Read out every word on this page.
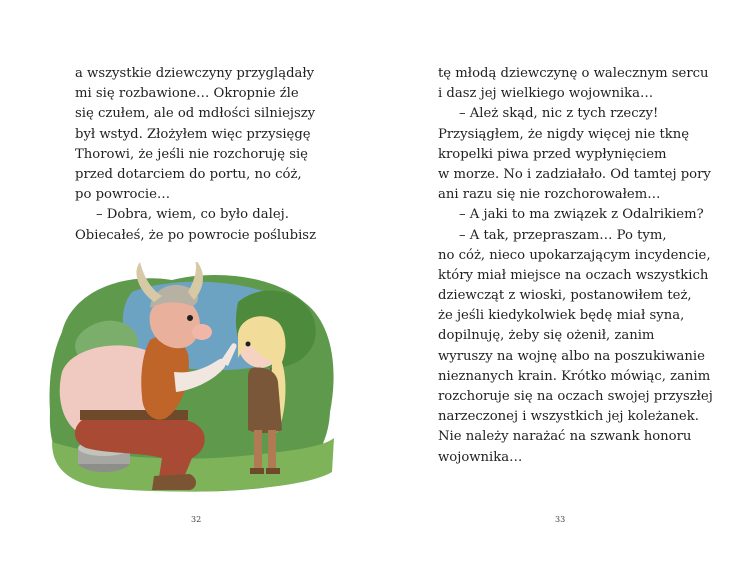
a wszystkie dziewczyny przyglądały
mi się rozbawione… Okropnie źle
się czułem, ale od mdłości silniejszy
był wstyd. Złożyłem więc przysięgę
Thorowi, że jeśli nie rozchoruję się
przed dotarciem do portu, no cóż,
po powrocie…
– Dobra, wiem, co było dalej.
Obiecałeś, że po powrocie poślubisz
32
tę młodą dziewczynę o walecznym sercu
i dasz jej wielkiego wojownika…
– Ależ skąd, nic z tych rzeczy!
Przysiągłem, że nigdy więcej nie tknę
kropelki piwa przed wypłynięciem
w morze. No i zadziałało. Od tamtej pory
ani razu się nie rozchorowałem…
– A jaki to ma związek z Odalrikiem?
– A tak, przepraszam… Po tym,
no cóż, nieco upokarzającym incydencie,
który miał miejsce na oczach wszystkich
dziewcząt z wioski, postanowiłem też,
że jeśli kiedykolwiek będę miał syna,
dopilnuję, żeby się ożenił, zanim
wyruszy na wojnę albo na poszukiwanie
nieznanych krain. Krótko mówiąc, zanim
rozchoruje się na oczach swojej przyszłej
narzeczonej i wszystkich jej koleżanek.
Nie należy narażać na szwank honoru
wojownika…
33
